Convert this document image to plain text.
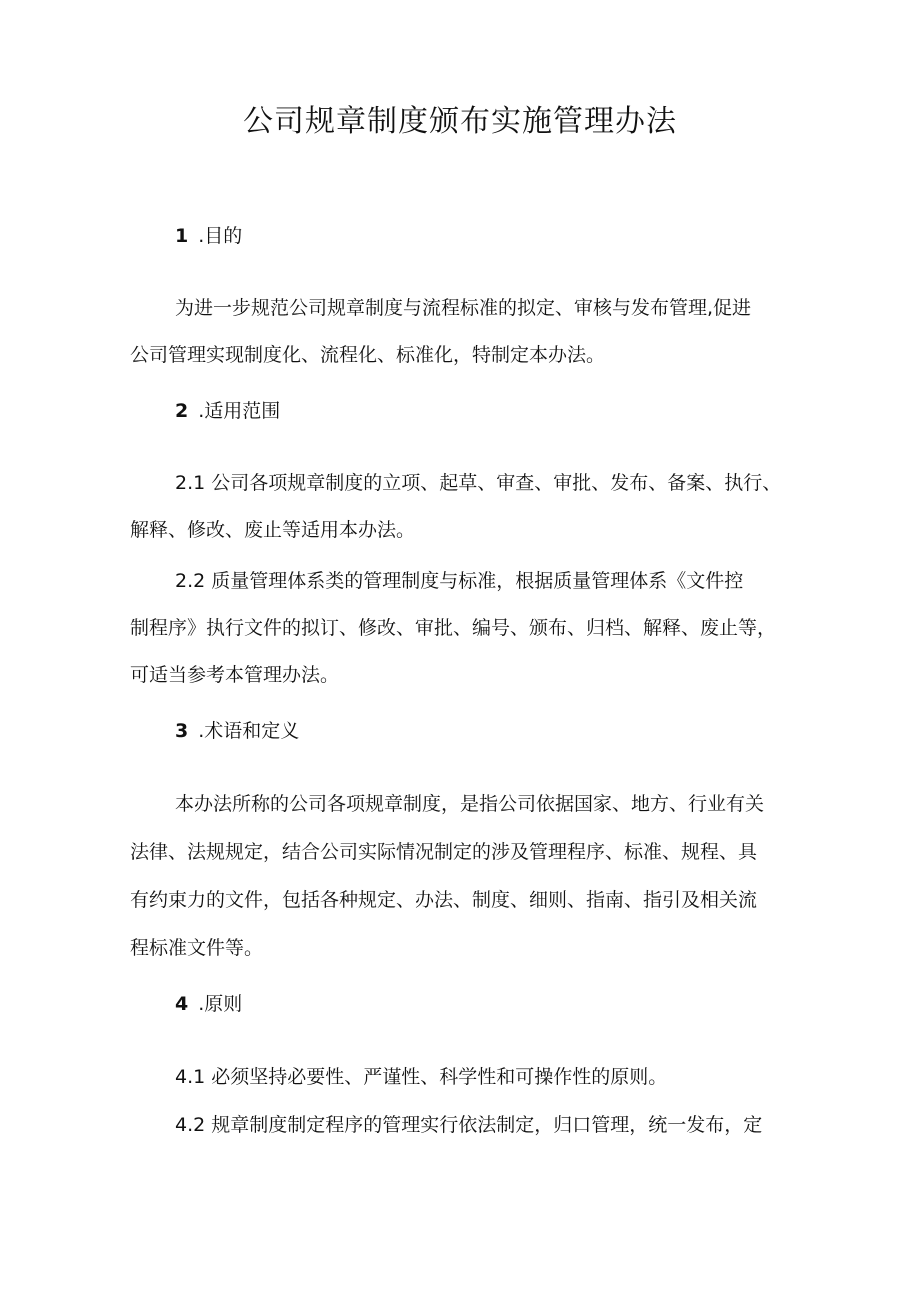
公司规章制度颁布实施管理办法
1 .目的
为进一步规范公司规章制度与流程标准的拟定、审核与发布管理,促进
公司管理实现制度化、流程化、标准化，特制定本办法。
2 .适用范围
2.1 公司各项规章制度的立项、起草、审查、审批、发布、备案、执行、
解释、修改、废止等适用本办法。
2.2 质量管理体系类的管理制度与标准，根据质量管理体系《文件控
制程序》执行文件的拟订、修改、审批、编号、颁布、归档、解释、废止等，
可适当参考本管理办法。
3 .术语和定义
本办法所称的公司各项规章制度，是指公司依据国家、地方、行业有关
法律、法规规定，结合公司实际情况制定的涉及管理程序、标准、规程、具
有约束力的文件，包括各种规定、办法、制度、细则、指南、指引及相关流
程标准文件等。
4 .原则
4.1 必须坚持必要性、严谨性、科学性和可操作性的原则。
4.2 规章制度制定程序的管理实行依法制定，归口管理，统一发布，定
